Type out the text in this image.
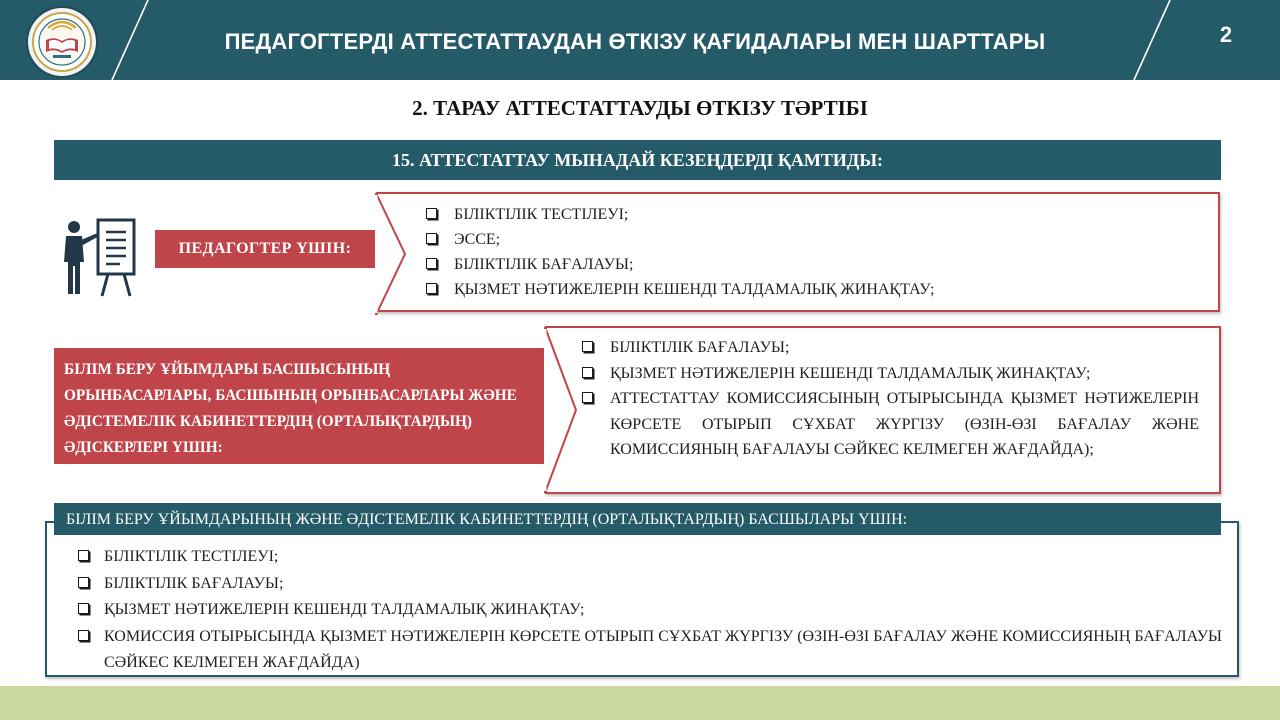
ПЕДАГОГТЕРДІ АТТЕСТАТТАУДАН ӨТКІЗУ ҚАҒИДАЛАРЫ МЕН ШАРТТАРЫ	2
2. ТАРАУ АТТЕСТАТТАУДЫ ӨТКІЗУ ТӘРТІБІ
15. АТТЕСТАТТАУ МЫНАДАЙ КЕЗЕҢДЕРДІ ҚАМТИДЫ:
ПЕДАГОГТЕР ҮШІН:
БІЛІКТІЛІК ТЕСТІЛЕУІ;
ЭССЕ;
БІЛІКТІЛІК БАҒАЛАУЫ;
ҚЫЗМЕТ НӘТИЖЕЛЕРІН КЕШЕНДІ ТАЛДАМАЛЫҚ ЖИНАҚТАУ;
БІЛІМ БЕРУ ҰЙЫМДАРЫ БАСШЫСЫНЫҢ ОРЫНБАСАРЛАРЫ, БАСШЫНЫҢ ОРЫНБАСАРЛАРЫ ЖӘНЕ ӘДІСТЕМЕЛІК КАБИНЕТТЕРДІҢ (ОРТАЛЫҚТАРДЫҢ) ӘДІСКЕРЛЕРІ ҮШІН:
БІЛІКТІЛІК БАҒАЛАУЫ;
ҚЫЗМЕТ НӘТИЖЕЛЕРІН КЕШЕНДІ ТАЛДАМАЛЫҚ ЖИНАҚТАУ;
АТТЕСТАТТАУ КОМИССИЯСЫНЫҢ ОТЫРЫСЫНДА ҚЫЗМЕТ НӘТИЖЕЛЕРІН КӨРСЕТЕ ОТЫРЫП СҰХБАТ ЖҮРГІЗУ (ӨЗІН-ӨЗІ БАҒАЛАУ ЖӘНЕ КОМИССИЯНЫҢ БАҒАЛАУЫ СӘЙКЕС КЕЛМЕГЕН ЖАҒДАЙДА);
БІЛІМ БЕРУ ҰЙЫМДАРЫНЫҢ ЖӘНЕ ӘДІСТЕМЕЛІК КАБИНЕТТЕРДІҢ (ОРТАЛЫҚТАРДЫҢ) БАСШЫЛАРЫ ҮШІН:
БІЛІКТІЛІК ТЕСТІЛЕУІ;
БІЛІКТІЛІК БАҒАЛАУЫ;
ҚЫЗМЕТ НӘТИЖЕЛЕРІН КЕШЕНДІ ТАЛДАМАЛЫҚ ЖИНАҚТАУ;
КОМИССИЯ ОТЫРЫСЫНДА ҚЫЗМЕТ НӘТИЖЕЛЕРІН КӨРСЕТЕ ОТЫРЫП СҰХБАТ ЖҮРГІЗУ (ӨЗІН-ӨЗІ БАҒАЛАУ ЖӘНЕ КОМИССИЯНЫҢ БАҒАЛАУЫ СӘЙКЕС КЕЛМЕГЕН ЖАҒДАЙДА)
